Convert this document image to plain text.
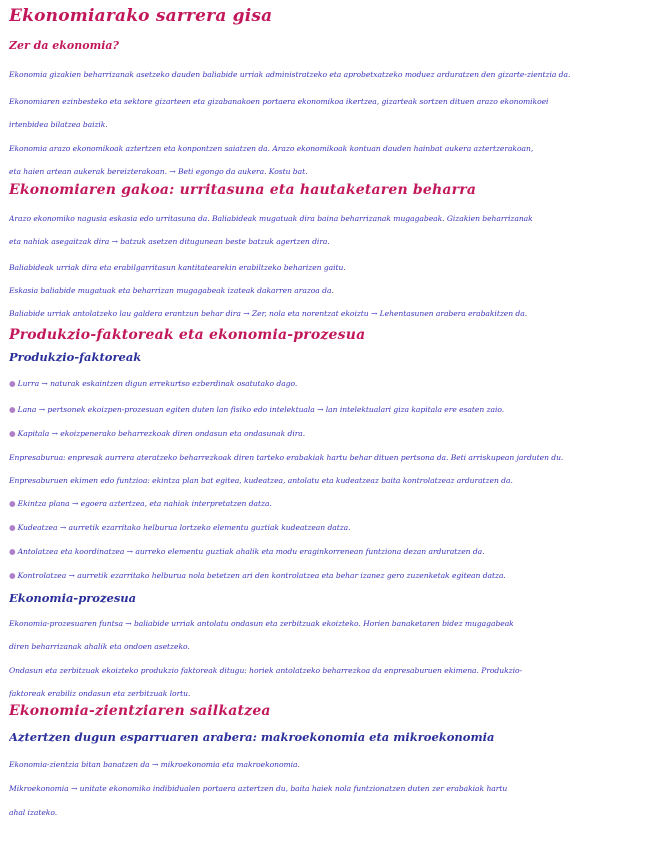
Ekonomiarako sarrera gisa
Zer da ekonomia?
Ekonomia gizakien beharrizanak asetzeko dauden baliabide urriak administratzeko eta aprobetxatzeko moduez arduratzen den gizarte-zientzia da.
Ekonomiaren ezinbesteko eta sektore gizarteen eta gizabanakoen portaera ekonomikoa ikertzea, gizarteak sortzen dituen arazo ekonomikoei
irtenbidea bilatzea baizik.
Ekonomia arazo ekonomikoak aztertzen eta konpontzen saiatzen da. Arazo ekonomikoak kontuan dauden hainbat aukera aztertzerakoan,
eta haien artean aukerak bereizterakoan. → Beti egongo da aukera. Kostu bat.
Ekonomiaren gakoa: urritasuna eta hautaketaren beharra
Arazo ekonomiko nagusia eskasia edo urritasuna da. Baliabideak mugatuak dira baina beharrizanak mugagabeak. Gizakien beharrizanak
eta nahiak asegaitzak dira → batzuk asetzen ditugunean beste batzuk agertzen dira.
Baliabideak urriak dira eta erabilgarritasun kantitatearekin erabiltzeko beharizen gaitu.
Eskasia baliabide mugatuak eta beharrizan mugagabeak izateak dakarren arazoa da.
Baliabide urriak antolatzeko lau galdera erantzun behar dira → Zer, nola eta norentzat ekoiztu → Lehentasunen arabera erabakitzen da.
Produkzio-faktoreak eta ekonomia-prozesua
Produkzio-faktoreak
● Lurra → naturak eskaintzen digun errekurtso ezberdinak osatutako dago.
● Lana → pertsonek ekoizpen-prozesuan egiten duten lan fisiko edo intelektuala → lan intelektualari giza kapitala ere esaten zaio.
● Kapitala → ekoizpenerako beharrezkoak diren ondasun eta ondasunak dira.
Enpresaburua: enpresak aurrera ateratzeko beharrezkoak diren tarteko erabakiak hartu behar dituen pertsona da. Beti arriskupean jarduten du.
Enpresaburuen ekimen edo funtzioa: ekintza plan bat egitea, kudeatzea, antolatu eta kudeatzeaz baita kontrolatzeaz arduratzen da.
● Ekintza plana → egoera aztertzea, eta nahiak interpretatzen datza.
● Kudeatzea → aurretik ezarritako helburua lortzeko elementu guztiak kudeatzean datza.
● Antolatzea eta koordinatzea → aurreko elementu guztiak ahalik eta modu eraginkorrenean funtziona dezan arduratzen da.
● Kontrolatzea → aurretik ezarritako helburua nola betetzen ari den kontrolatzea eta behar izanez gero zuzenketak egitean datza.
Ekonomia-prozesua
Ekonomia-prozesuaren funtsa → baliabide urriak antolatu ondasun eta zerbitzuak ekoizteko. Horien banaketaren bidez mugagabeak
diren beharrizanak ahalik eta ondoen asetzeko.
Ondasun eta zerbitzuak ekoizteko produkzio faktoreak ditugu: horiek antolatzeko beharrezkoa da enpresaburuen ekimena. Produkzio-
faktoreak erabiliz ondasun eta zerbitzuak lortu.
Ekonomia-zientziaren sailkatzea
Aztertzen dugun esparruaren arabera: makroekonomia eta mikroekonomia
Ekonomia-zientzia bitan banatzen da → mikroekonomia eta makroekonomia.
Mikroekonomia → unitate ekonomiko indibidualen portaera aztertzen du, baita haiek nola funtzionatzen duten zer erabakiak hartu
ahal izateko.
